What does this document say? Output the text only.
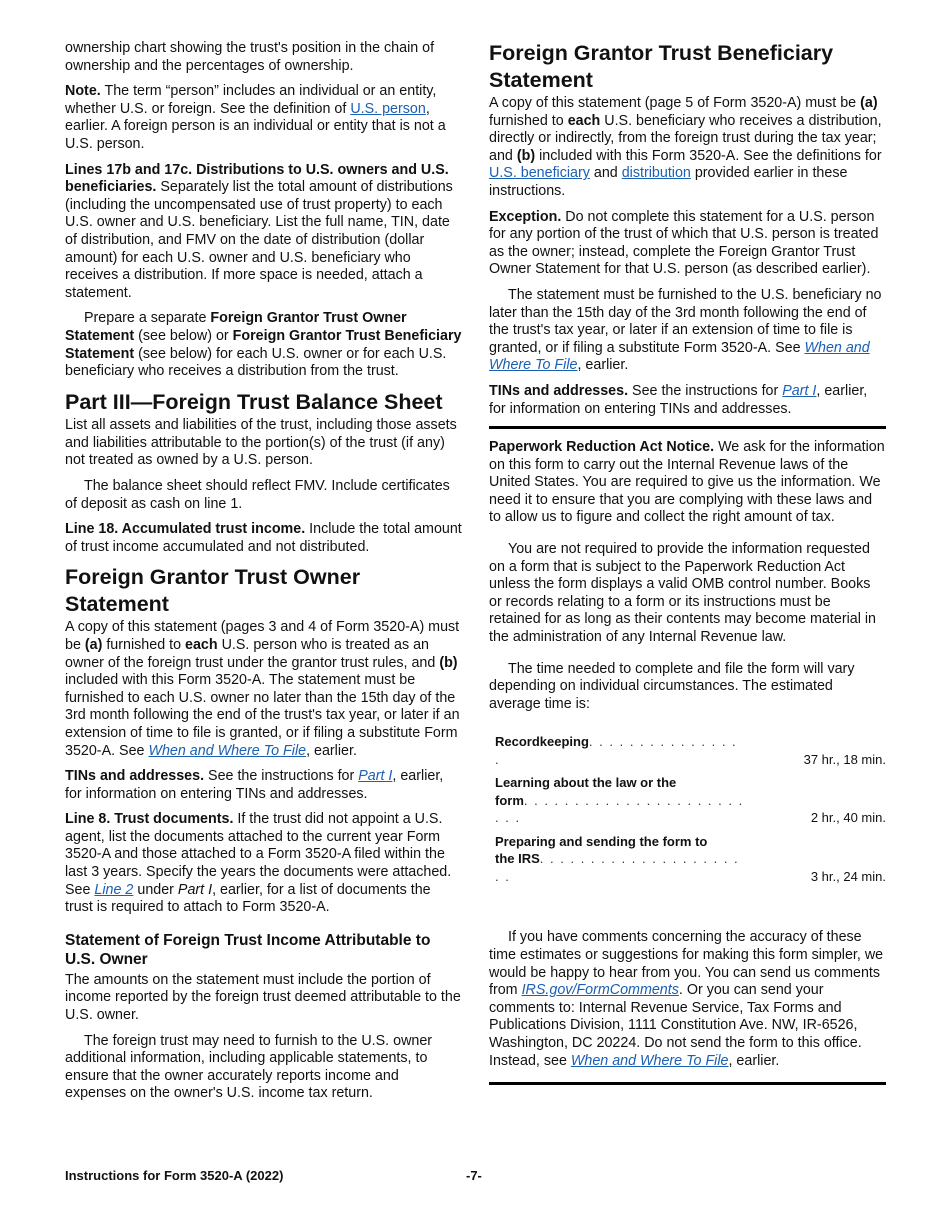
ownership chart showing the trust's position in the chain of ownership and the percentages of ownership.

Note. The term “person” includes an individual or an entity, whether U.S. or foreign. See the definition of U.S. person, earlier. A foreign person is an individual or entity that is not a U.S. person.

Lines 17b and 17c. Distributions to U.S. owners and U.S. beneficiaries. Separately list the total amount of distributions (including the uncompensated use of trust property) to each U.S. owner and U.S. beneficiary. List the full name, TIN, date of distribution, and FMV on the date of distribution (dollar amount) for each U.S. owner and U.S. beneficiary who receives a distribution. If more space is needed, attach a statement.

Prepare a separate Foreign Grantor Trust Owner Statement (see below) or Foreign Grantor Trust Beneficiary Statement (see below) for each U.S. owner or for each U.S. beneficiary who receives a distribution from the trust.

Part III—Foreign Trust Balance Sheet

List all assets and liabilities of the trust, including those assets and liabilities attributable to the portion(s) of the trust (if any) not treated as owned by a U.S. person.

The balance sheet should reflect FMV. Include certificates of deposit as cash on line 1.

Line 18. Accumulated trust income. Include the total amount of trust income accumulated and not distributed.

Foreign Grantor Trust Owner Statement

A copy of this statement (pages 3 and 4 of Form 3520-A) must be (a) furnished to each U.S. person who is treated as an owner of the foreign trust under the grantor trust rules, and (b) included with this Form 3520-A. The statement must be furnished to each U.S. owner no later than the 15th day of the 3rd month following the end of the trust's tax year, or later if an extension of time to file is granted, or if filing a substitute Form 3520-A. See When and Where To File, earlier.

TINs and addresses. See the instructions for Part I, earlier, for information on entering TINs and addresses.

Line 8. Trust documents. If the trust did not appoint a U.S. agent, list the documents attached to the current year Form 3520-A and those attached to a Form 3520-A filed within the last 3 years. Specify the years the documents were attached. See Line 2 under Part I, earlier, for a list of documents the trust is required to attach to Form 3520-A.

Statement of Foreign Trust Income Attributable to U.S. Owner

The amounts on the statement must include the portion of income reported by the foreign trust deemed attributable to the U.S. owner.

The foreign trust may need to furnish to the U.S. owner additional information, including applicable statements, to ensure that the owner accurately reports income and expenses on the owner's U.S. income tax return.

Foreign Grantor Trust Beneficiary Statement

A copy of this statement (page 5 of Form 3520-A) must be (a) furnished to each U.S. beneficiary who receives a distribution, directly or indirectly, from the foreign trust during the tax year; and (b) included with this Form 3520-A. See the definitions for U.S. beneficiary and distribution provided earlier in these instructions.

Exception. Do not complete this statement for a U.S. person for any portion of the trust of which that U.S. person is treated as the owner; instead, complete the Foreign Grantor Trust Owner Statement for that U.S. person (as described earlier).

The statement must be furnished to the U.S. beneficiary no later than the 15th day of the 3rd month following the end of the trust's tax year, or later if an extension of time to file is granted, or if filing a substitute Form 3520-A. See When and Where To File, earlier.

TINs and addresses. See the instructions for Part I, earlier, for information on entering TINs and addresses.

Paperwork Reduction Act Notice. We ask for the information on this form to carry out the Internal Revenue laws of the United States. You are required to give us the information. We need it to ensure that you are complying with these laws and to allow us to figure and collect the right amount of tax.

You are not required to provide the information requested on a form that is subject to the Paperwork Reduction Act unless the form displays a valid OMB control number. Books or records relating to a form or its instructions must be retained for as long as their contents may become material in the administration of any Internal Revenue law.

The time needed to complete and file the form will vary depending on individual circumstances. The estimated average time is:

Recordkeeping. . . . . . . . . . . . . . . .	37 hr., 18 min.
Learning about the law or the
form. . . . . . . . . . . . . . . . . . . . . . . . .	2 hr., 40 min.
Preparing and sending the form to
the IRS. . . . . . . . . . . . . . . . . . . . . .	3 hr., 24 min.

If you have comments concerning the accuracy of these time estimates or suggestions for making this form simpler, we would be happy to hear from you. You can send us comments from IRS.gov/FormComments. Or you can send your comments to: Internal Revenue Service, Tax Forms and Publications Division, 1111 Constitution Ave. NW, IR-6526, Washington, DC 20224. Do not send the form to this office. Instead, see When and Where To File, earlier.

Instructions for Form 3520-A (2022)	-7-
